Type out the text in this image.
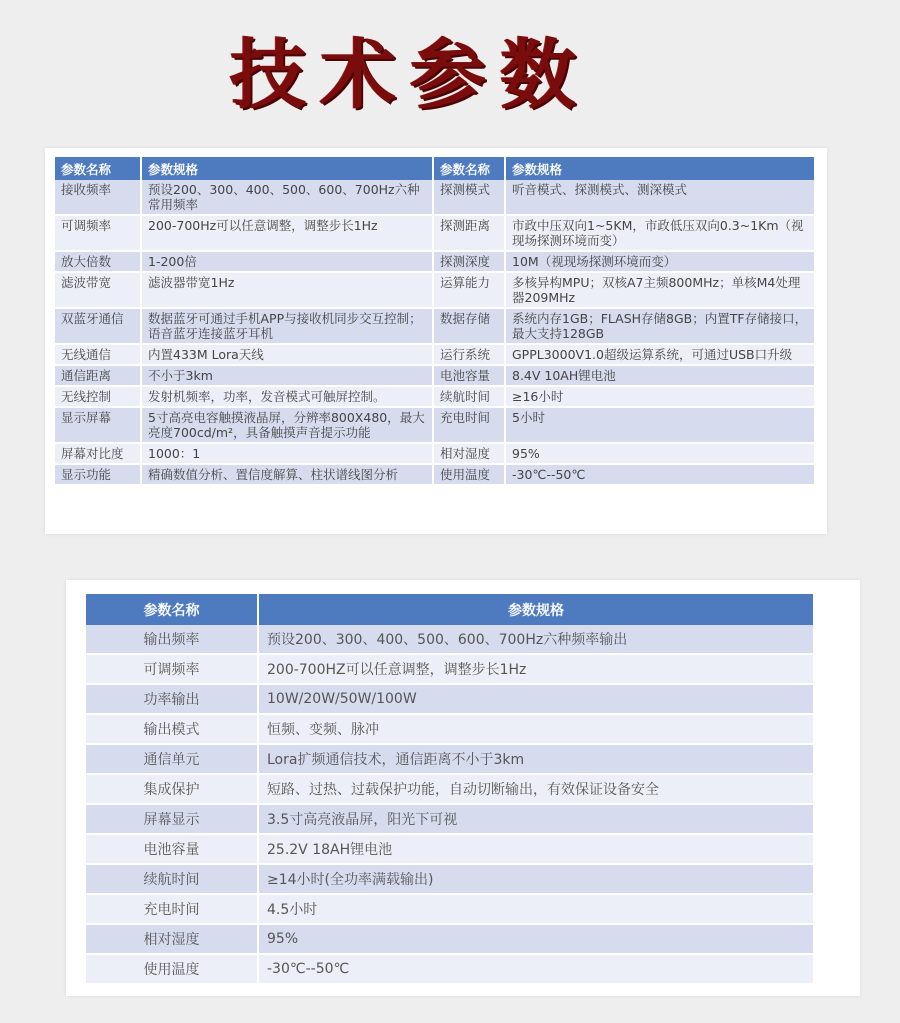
技术参数
参数名称	参数规格	参数名称	参数规格
接收频率	预设200、300、400、500、600、700Hz六种常用频率	探测模式	听音模式、探测模式、测深模式
可调频率	200-700Hz可以任意调整，调整步长1Hz	探测距离	市政中压双向1~5KM，市政低压双向0.3~1Km（视现场探测环境而变）
放大倍数	1-200倍	探测深度	10M（视现场探测环境而变）
滤波带宽	滤波器带宽1Hz	运算能力	多核异构MPU；双核A7主频800MHz；单核M4处理器209MHz
双蓝牙通信	数据蓝牙可通过手机APP与接收机同步交互控制；语音蓝牙连接蓝牙耳机	数据存储	系统内存1GB；FLASH存储8GB；内置TF存储接口，最大支持128GB
无线通信	内置433M Lora天线	运行系统	GPPL3000V1.0超级运算系统，可通过USB口升级
通信距离	不小于3km	电池容量	8.4V 10AH锂电池
无线控制	发射机频率，功率，发音模式可触屏控制。	续航时间	≥16小时
显示屏幕	5寸高亮电容触摸液晶屏，分辨率800X480，最大亮度700cd/m²，具备触摸声音提示功能	充电时间	5小时
屏幕对比度	1000：1	相对湿度	95%
显示功能	精确数值分析、置信度解算、柱状谱线图分析	使用温度	-30℃--50℃
参数名称	参数规格
输出频率	预设200、300、400、500、600、700Hz六种频率输出
可调频率	200-700HZ可以任意调整，调整步长1Hz
功率输出	10W/20W/50W/100W
输出模式	恒频、变频、脉冲
通信单元	Lora扩频通信技术，通信距离不小于3km
集成保护	短路、过热、过载保护功能，自动切断输出，有效保证设备安全
屏幕显示	3.5寸高亮液晶屏，阳光下可视
电池容量	25.2V 18AH锂电池
续航时间	≥14小时(全功率满载输出)
充电时间	4.5小时
相对湿度	95%
使用温度	-30℃--50℃
